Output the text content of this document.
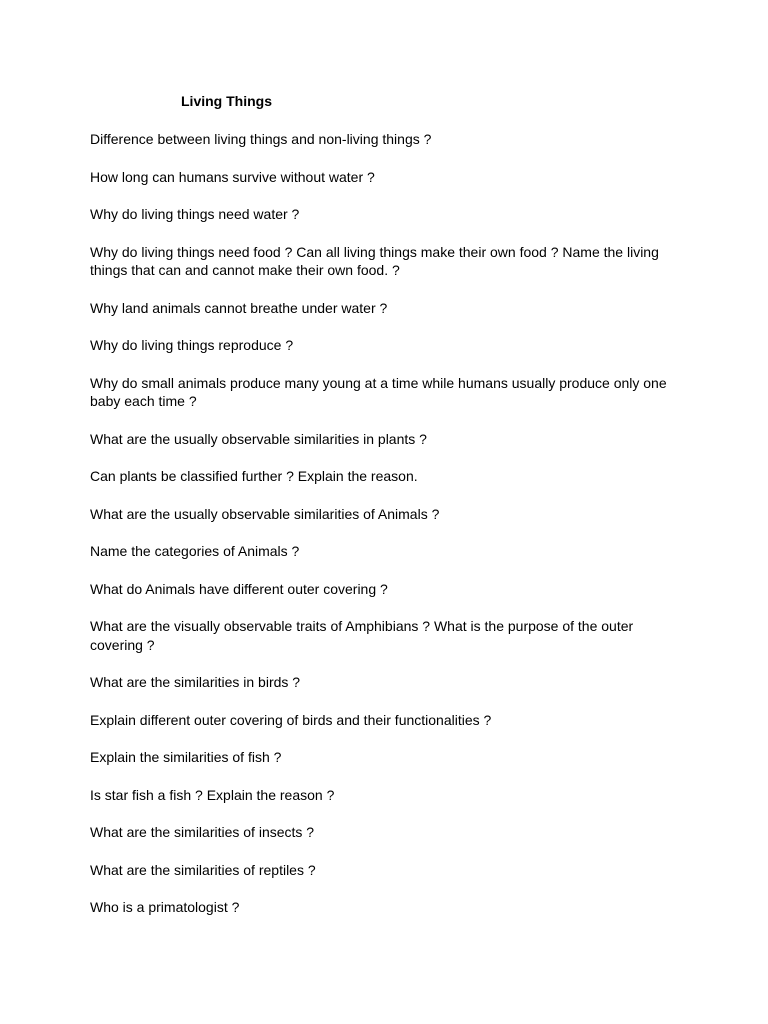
Living Things
Difference between living things and non-living things ?
How long can humans survive without water ?
Why do living things need water ?
Why do living things need food ? Can all living things make their own food ? Name the living things that can and cannot make their own food. ?
Why land animals cannot breathe under water ?
Why do living things reproduce ?
Why do small animals produce many young at a time while humans usually produce only one baby each time ?
What are the usually observable similarities in plants ?
Can plants be classified further ? Explain the reason.
What are the usually observable similarities of Animals ?
Name the categories of Animals ?
What do Animals have different outer covering ?
What are the visually observable traits of Amphibians ? What is the purpose of the outer covering ?
What are the similarities in birds ?
Explain different outer covering of birds and their functionalities ?
Explain the similarities of fish ?
Is star fish a fish ? Explain the reason ?
What are the similarities of insects ?
What are the similarities of reptiles ?
Who is a primatologist ?
